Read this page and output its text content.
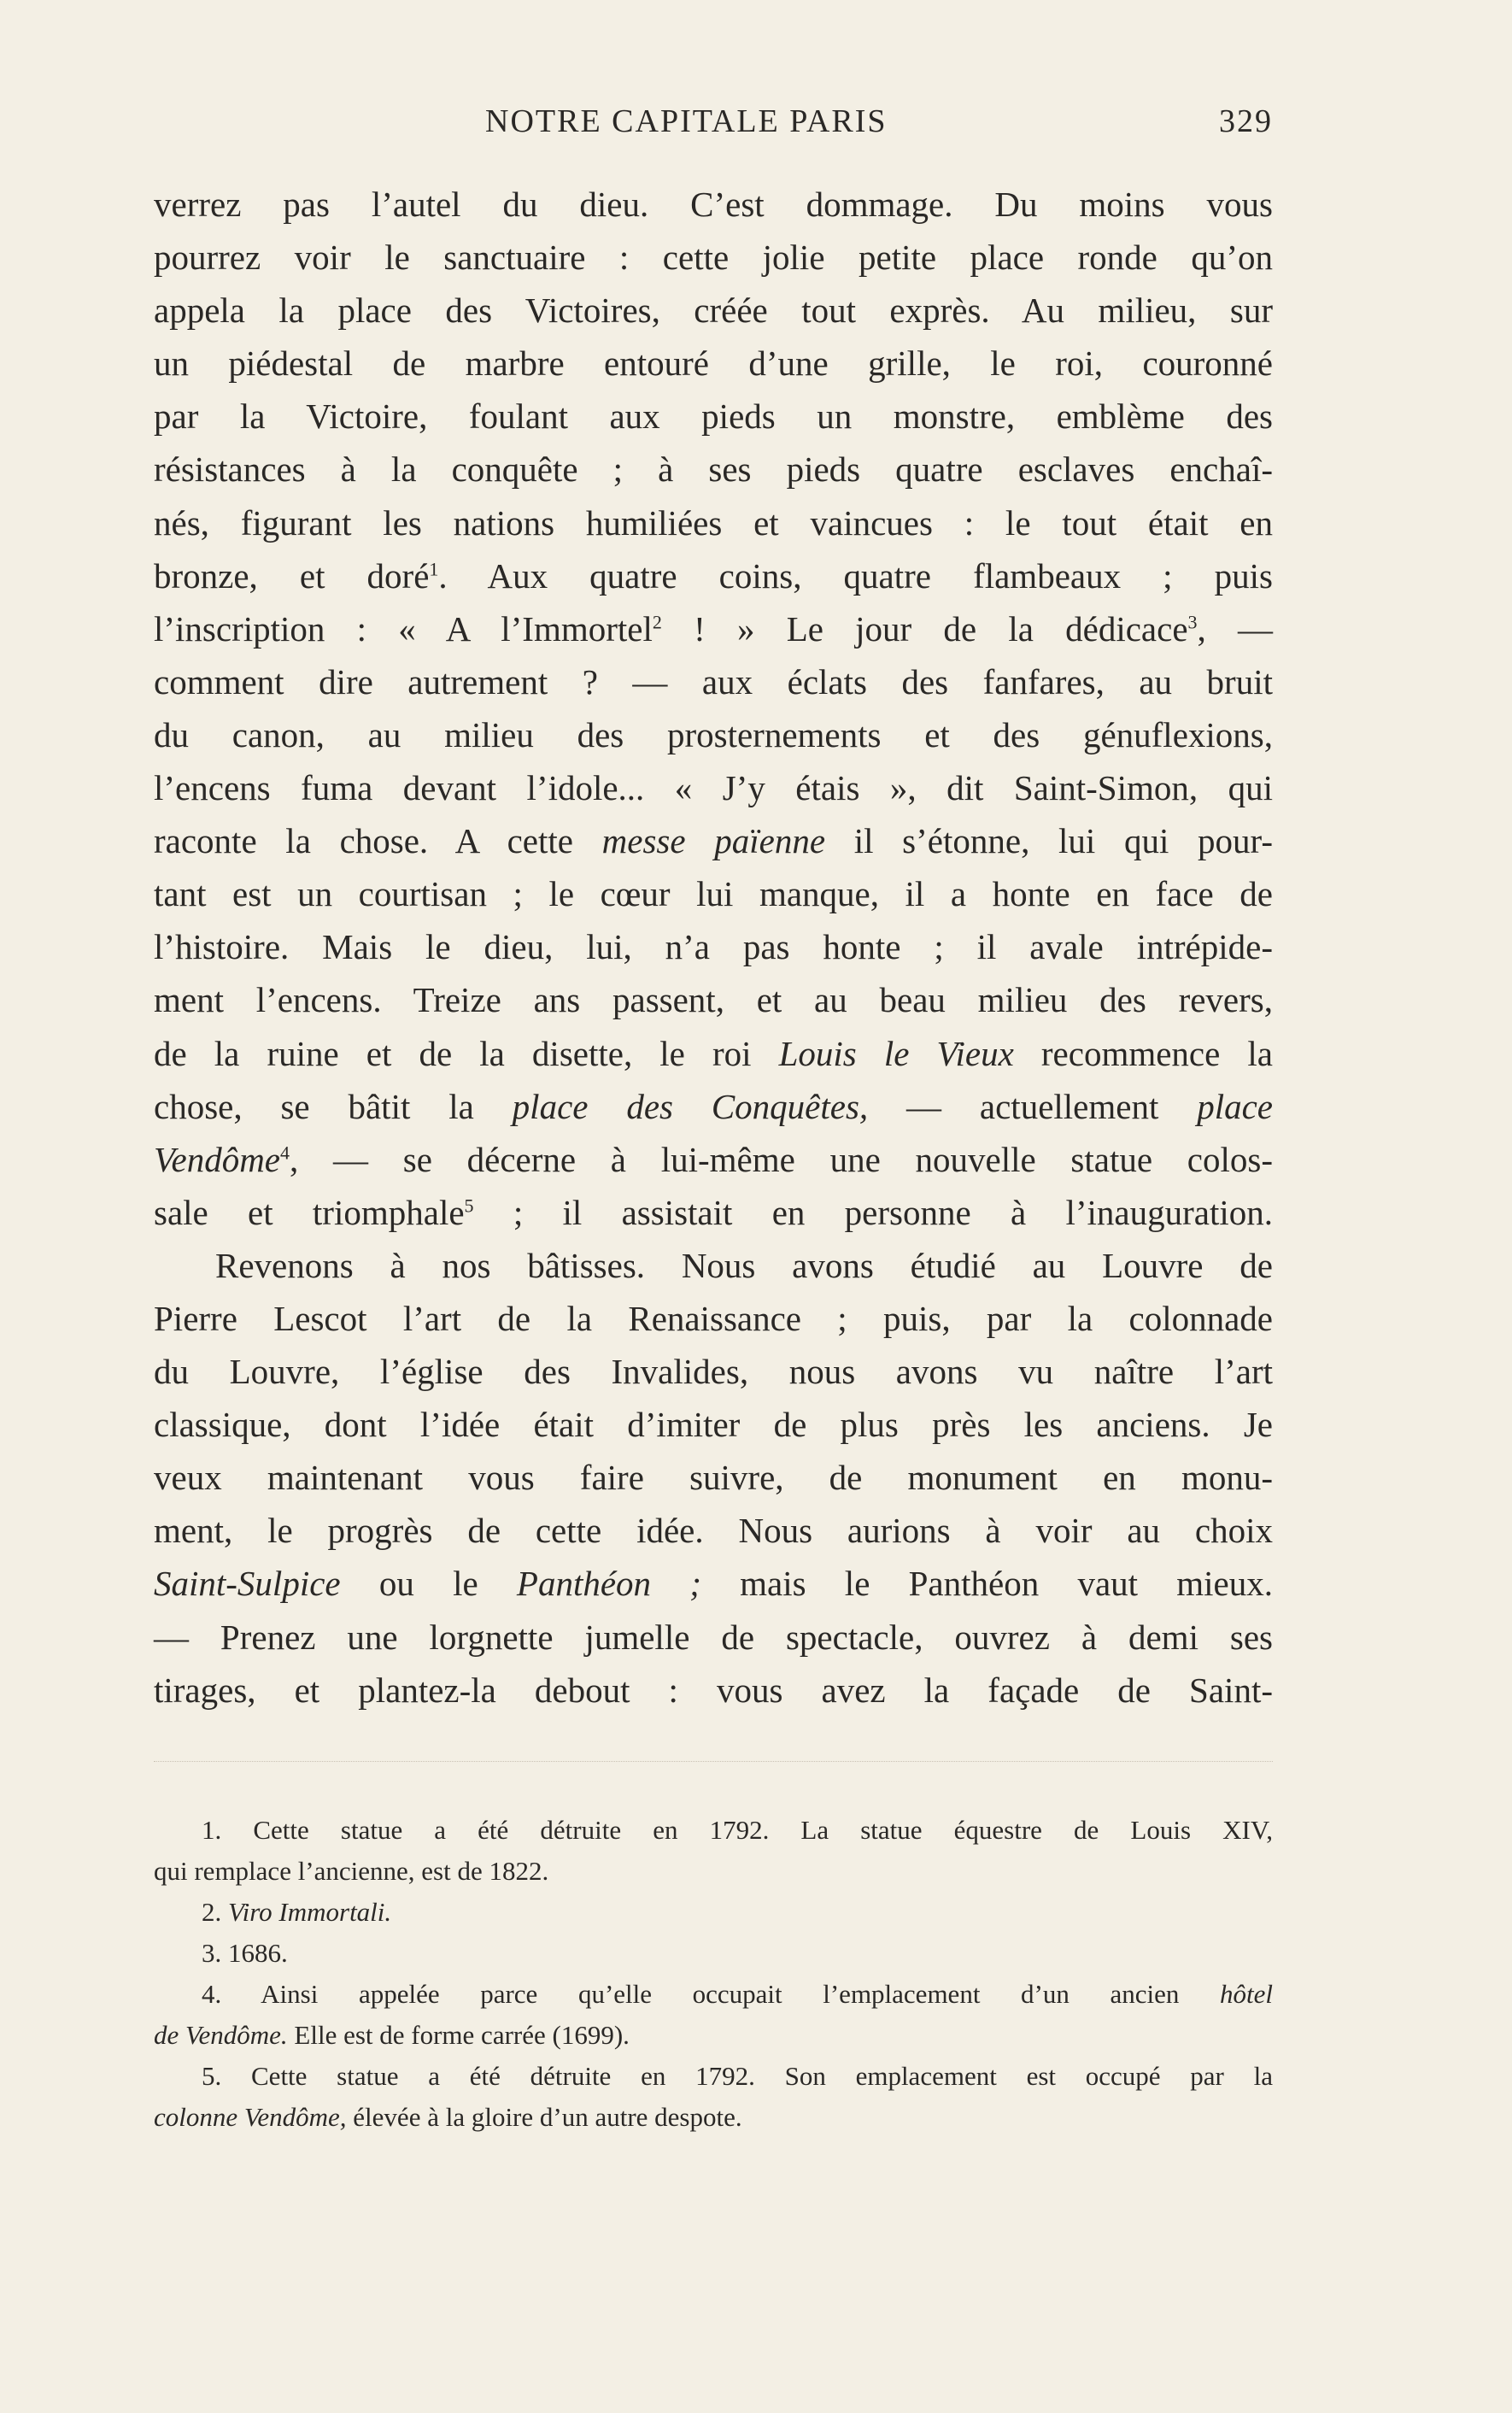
NOTRE CAPITALE PARIS	329
verrez pas l’autel du dieu. C’est dommage. Du moins vous
pourrez voir le sanctuaire : cette jolie petite place ronde qu’on
appela la place des Victoires, créée tout exprès. Au milieu, sur
un piédestal de marbre entouré d’une grille, le roi, couronné
par la Victoire, foulant aux pieds un monstre, emblème des
résistances à la conquête ; à ses pieds quatre esclaves enchaî-
nés, figurant les nations humiliées et vaincues : le tout était en
bronze, et doré$^1$. Aux quatre coins, quatre flambeaux ; puis
l’inscription : « A l’Immortel$^2$ ! » Le jour de la dédicace$^3$, —
comment dire autrement ? — aux éclats des fanfares, au bruit
du canon, au milieu des prosternements et des génuflexions,
l’encens fuma devant l’idole... « J’y étais », dit Saint-Simon, qui
raconte la chose. A cette messe païenne il s’étonne, lui qui pour-
tant est un courtisan ; le cœur lui manque, il a honte en face de
l’histoire. Mais le dieu, lui, n’a pas honte ; il avale intrépide-
ment l’encens. Treize ans passent, et au beau milieu des revers,
de la ruine et de la disette, le roi Louis le Vieux recommence la
chose, se bâtit la place des Conquêtes, — actuellement place
Vendôme$^4$, — se décerne à lui-même une nouvelle statue colos-
sale et triomphale$^5$ ; il assistait en personne à l’inauguration.
Revenons à nos bâtisses. Nous avons étudié au Louvre de
Pierre Lescot l’art de la Renaissance ; puis, par la colonnade
du Louvre, l’église des Invalides, nous avons vu naître l’art
classique, dont l’idée était d’imiter de plus près les anciens. Je
veux maintenant vous faire suivre, de monument en monu-
ment, le progrès de cette idée. Nous aurions à voir au choix
Saint-Sulpice ou le Panthéon ; mais le Panthéon vaut mieux.
— Prenez une lorgnette jumelle de spectacle, ouvrez à demi ses
tirages, et plantez-la debout : vous avez la façade de Saint-
1. Cette statue a été détruite en 1792. La statue équestre de Louis XIV,
qui remplace l’ancienne, est de 1822.
2. Viro Immortali.
3. 1686.
4. Ainsi appelée parce qu’elle occupait l’emplacement d’un ancien hôtel
de Vendôme. Elle est de forme carrée (1699).
5. Cette statue a été détruite en 1792. Son emplacement est occupé par la
colonne Vendôme, élevée à la gloire d’un autre despote.
